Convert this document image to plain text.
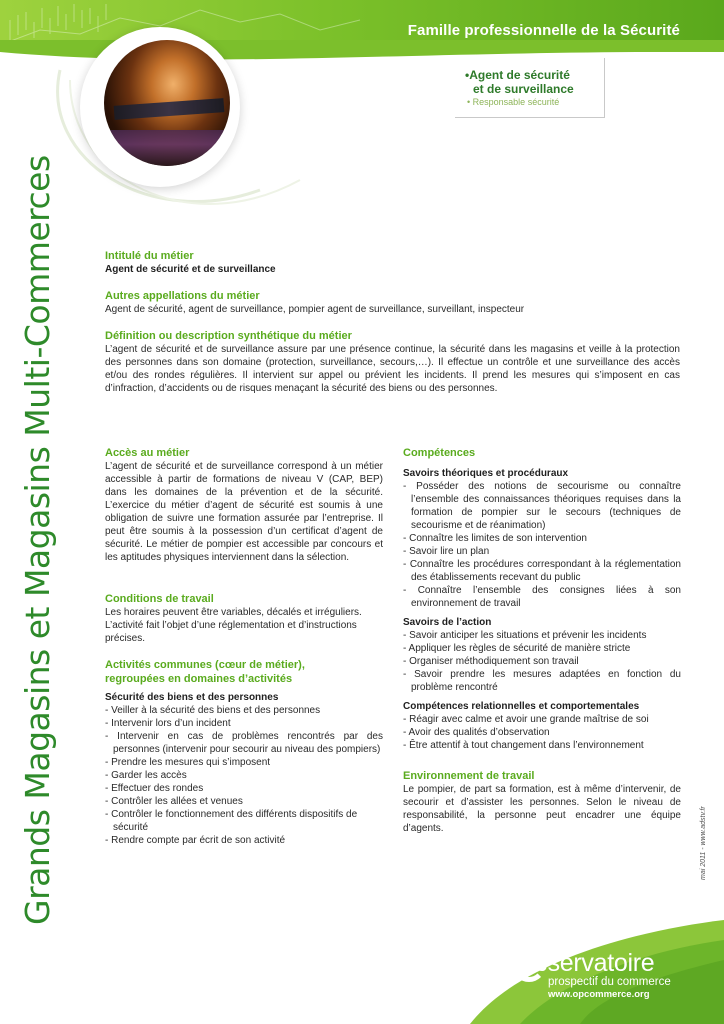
Famille professionnelle de la Sécurité
•Agent de sécurité
et de surveillance
• Responsable sécurité
Grands Magasins et Magasins Multi-Commerces	Intitulé du métier
Agent de sécurité et de surveillance
Autres appellations du métier
Agent de sécurité, agent de surveillance, pompier agent de surveillance, surveillant, inspecteur
Définition ou description synthétique du métier
L’agent de sécurité et de surveillance assure par une présence continue, la sécurité dans les magasins et veille à la protection des personnes dans son domaine (protection, surveillance, secours,…). Il effectue un contrôle et une surveillance des accès et/ou des rondes régulières. Il intervient sur appel ou prévient les incidents. Il prend les mesures qui s’imposent en cas d’infraction, d’accidents ou de risques menaçant la sécurité des biens ou des personnes.
Accès au métier
L’agent de sécurité et de surveillance correspond à un métier accessible à partir de formations de niveau V (CAP, BEP) dans les domaines de la prévention et de la sécurité. L’exercice du métier d’agent de sécurité est soumis à une obligation de suivre une formation assurée par l’entreprise. Il peut être soumis à la possession d’un certificat d’agent de sécurité. Le métier de pompier est accessible par concours et les aptitudes physiques interviennent dans la sélection.
Conditions de travail
Les horaires peuvent être variables, décalés et irréguliers. L’activité fait l’objet d’une réglementation et d’instructions précises.
Activités communes (cœur de métier),
regroupées en domaines d’activités
Sécurité des biens et des personnes
- Veiller à la sécurité des biens et des personnes
- Intervenir lors d’un incident
- Intervenir en cas de problèmes rencontrés par des personnes (intervenir pour secourir au niveau des pompiers)
- Prendre les mesures qui s’imposent
- Garder les accès
- Effectuer des rondes
- Contrôler les allées et venues
- Contrôler le fonctionnement des différents dispositifs de sécurité
- Rendre compte par écrit de son activité
Compétences
Savoirs théoriques et procéduraux
- Posséder des notions de secourisme ou connaître l’ensemble des connaissances théoriques requises dans la formation de pompier sur le secours (techniques de secourisme et de réanimation)
- Connaître les limites de son intervention
- Savoir lire un plan
- Connaître les procédures correspondant à la réglementation des établissements recevant du public
- Connaître l’ensemble des consignes liées à son environnement de travail
Savoirs de l’action
- Savoir anticiper les situations et prévenir les incidents
- Appliquer les règles de sécurité de manière stricte
- Organiser méthodiquement son travail
- Savoir prendre les mesures adaptées en fonction du problème rencontré
Compétences relationnelles et comportementales
- Réagir avec calme et avoir une grande maîtrise de soi
- Avoir des qualités d’observation
- Être attentif à tout changement dans l’environnement
Environnement de travail
Le pompier, de part sa formation, est à même d’intervenir, de secourir et d’assister les personnes. Selon le niveau de responsabilité, la personne peut encadrer une équipe d’agents.	mai 2011 - www.adstv.fr
bservatoire
prospectif du commerce
www.opcommerce.org
